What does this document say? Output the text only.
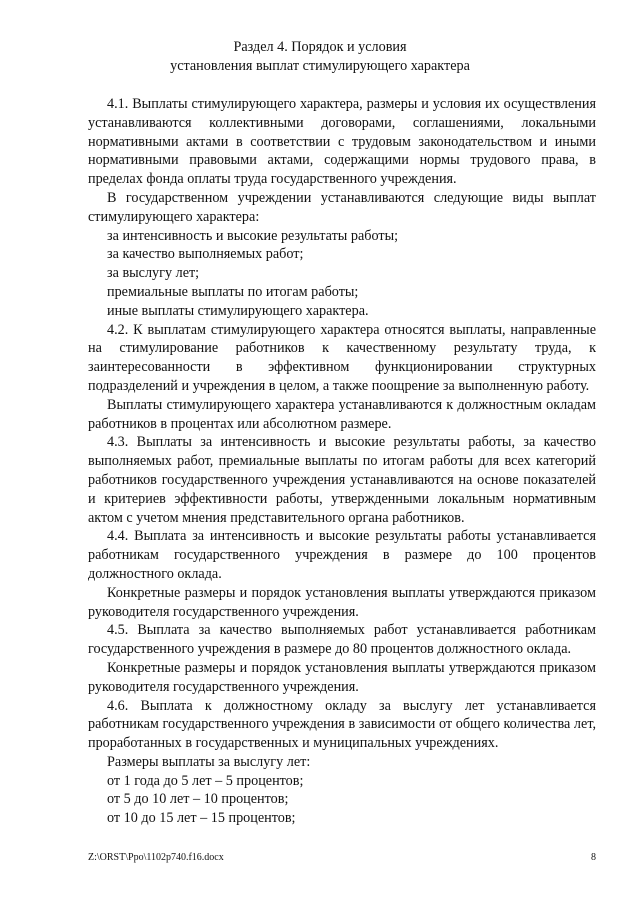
Раздел 4. Порядок и условия
установления выплат стимулирующего характера

4.1. Выплаты стимулирующего характера, размеры и условия их осуществления устанавливаются коллективными договорами, соглашениями, локальными нормативными актами в соответствии с трудовым законодательством и иными нормативными правовыми актами, содержащими нормы трудового права, в пределах фонда оплаты труда государственного учреждения.

В государственном учреждении устанавливаются следующие виды выплат стимулирующего характера:

за интенсивность и высокие результаты работы;

за качество выполняемых работ;

за выслугу лет;

премиальные выплаты по итогам работы;

иные выплаты стимулирующего характера.

4.2. К выплатам стимулирующего характера относятся выплаты, направленные на стимулирование работников к качественному результату труда, к заинтересованности в эффективном функционировании структурных подразделений и учреждения в целом, а также поощрение за выполненную работу.

Выплаты стимулирующего характера устанавливаются к должностным окладам работников в процентах или абсолютном размере.

4.3. Выплаты за интенсивность и высокие результаты работы, за качество выполняемых работ, премиальные выплаты по итогам работы для всех категорий работников государственного учреждения устанавливаются на основе показателей и критериев эффективности работы, утвержденными локальным нормативным актом с учетом мнения представительного органа работников.

4.4. Выплата за интенсивность и высокие результаты работы устанавливается работникам государственного учреждения в размере до 100 процентов должностного оклада.

Конкретные размеры и порядок установления выплаты утверждаются приказом руководителя государственного учреждения.

4.5. Выплата за качество выполняемых работ устанавливается работникам государственного учреждения в размере до 80 процентов должностного оклада.

Конкретные размеры и порядок установления выплаты утверждаются приказом руководителя государственного учреждения.

4.6. Выплата к должностному окладу за выслугу лет устанавливается работникам государственного учреждения в зависимости от общего количества лет, проработанных в государственных и муниципальных учреждениях.

Размеры выплаты за выслугу лет:

от 1 года до 5 лет – 5 процентов;

от 5 до 10 лет – 10 процентов;

от 10 до 15 лет – 15 процентов;

Z:\ORST\Ppo\1102p740.f16.docx	8
